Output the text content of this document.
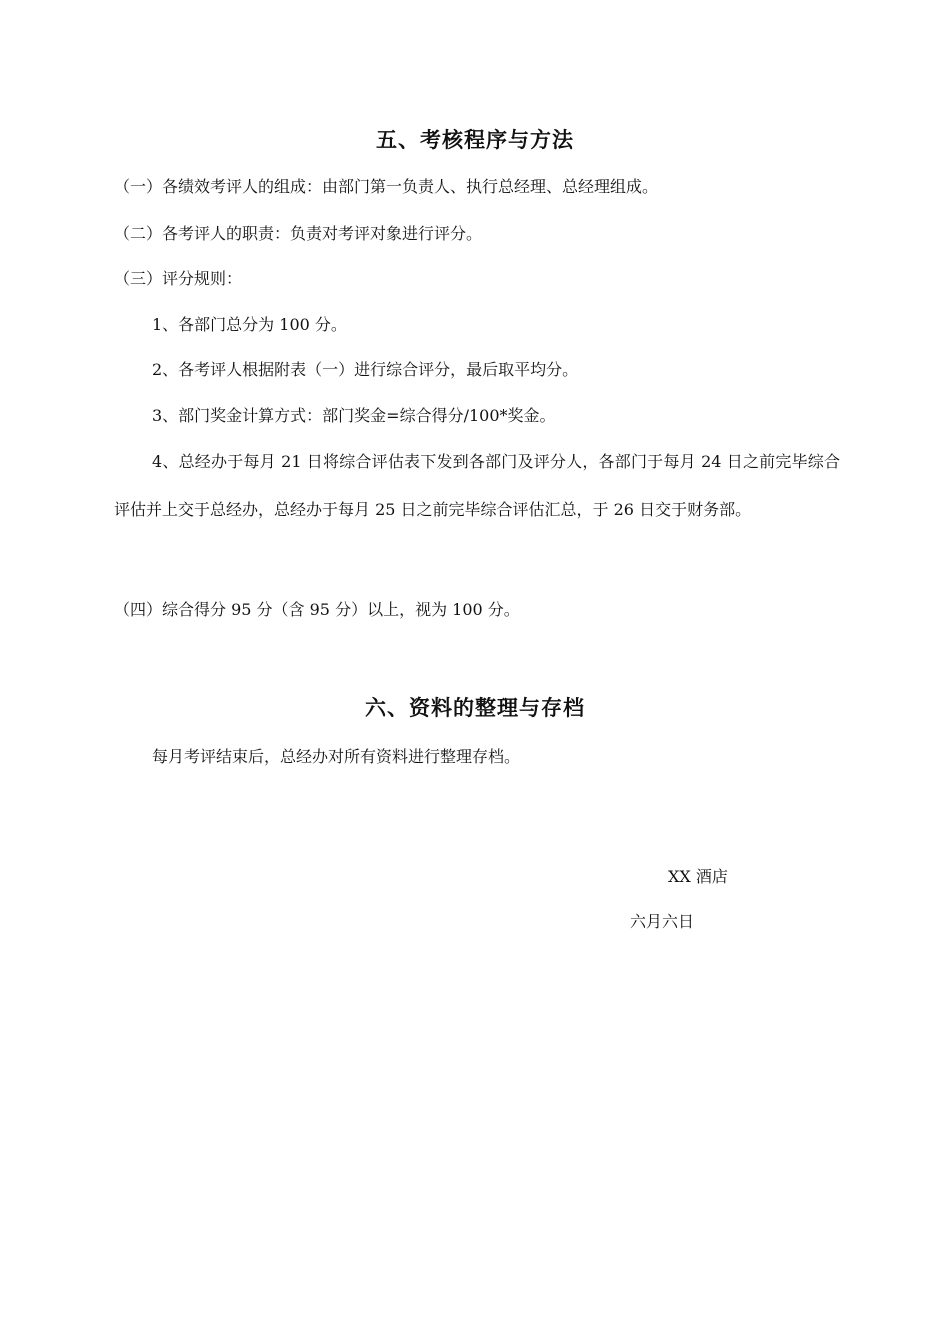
五、考核程序与方法
（一）各绩效考评人的组成：由部门第一负责人、执行总经理、总经理组成。
（二）各考评人的职责：负责对考评对象进行评分。
（三）评分规则：
1、各部门总分为 100 分。
2、各考评人根据附表（一）进行综合评分，最后取平均分。
3、部门奖金计算方式：部门奖金=综合得分/100*奖金。
4、总经办于每月 21 日将综合评估表下发到各部门及评分人，各部门于每月 24 日之前完毕综合评估并上交于总经办，总经办于每月 25 日之前完毕综合评估汇总，于 26 日交于财务部。
（四）综合得分 95 分（含 95 分）以上，视为 100 分。
六、资料的整理与存档
每月考评结束后，总经办对所有资料进行整理存档。
XX 酒店
六月六日
